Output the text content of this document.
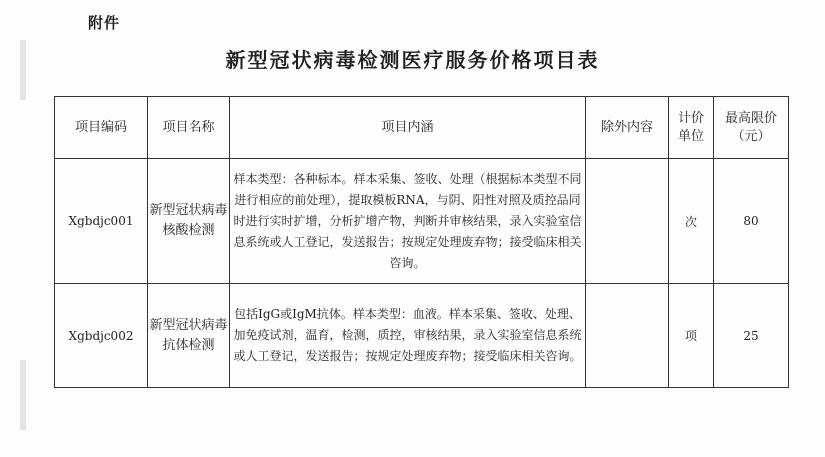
附件
新型冠状病毒检测医疗服务价格项目表
项目编码	项目名称	项目内涵	除外内容	计价单位	最高限价（元）
Xgbdjc001	新型冠状病毒核酸检测	样本类型：各种标本。样本采集、签收、处理（根据标本类型不同进行相应的前处理），提取模板RNA，与阴、阳性对照及质控品同时进行实时扩增，分析扩增产物，判断并审核结果，录入实验室信息系统或人工登记，发送报告；按规定处理废弃物；接受临床相关咨询。		次	80
Xgbdjc002	新型冠状病毒抗体检测	包括IgG或IgM抗体。样本类型：血液。样本采集、签收、处理、加免疫试剂，温育，检测，质控，审核结果，录入实验室信息系统或人工登记，发送报告；按规定处理废弃物；接受临床相关咨询。		项	25
